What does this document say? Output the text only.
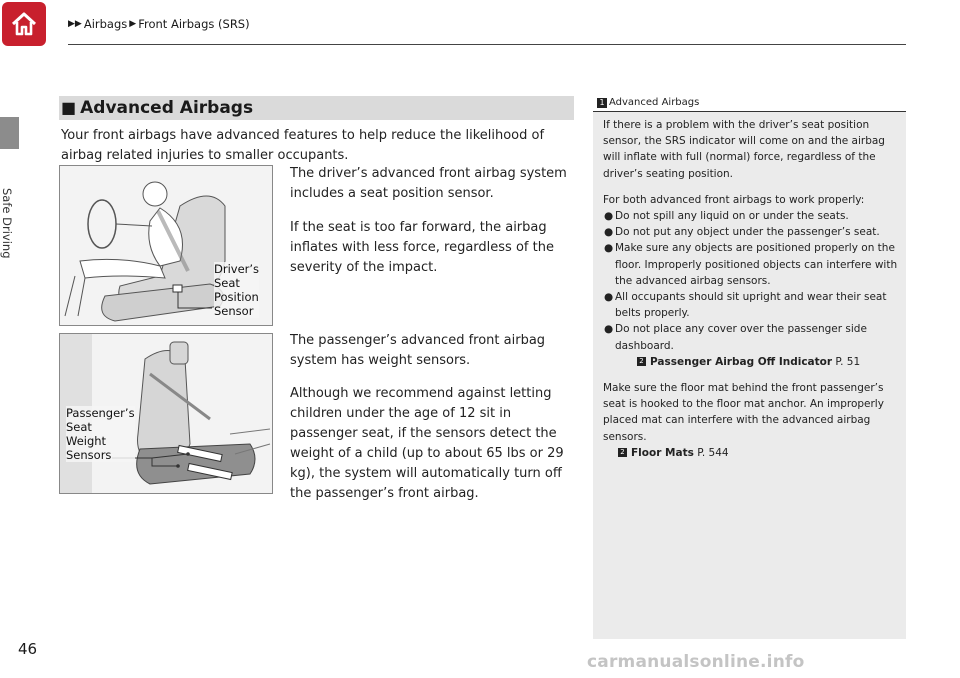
▶▶ Airbags ▶ Front Airbags (SRS)
Safe Driving
■ Advanced Airbags

Your front airbags have advanced features to help reduce the likelihood of airbag related injuries to smaller occupants.

Driver’s
Seat
Position
Sensor

The driver’s advanced front airbag system includes a seat position sensor.

If the seat is too far forward, the airbag inflates with less force, regardless of the severity of the impact.

Passenger’s
Seat
Weight
Sensors

The passenger’s advanced front airbag system has weight sensors.

Although we recommend against letting children under the age of 12 sit in passenger seat, if the sensors detect the weight of a child (up to about 65 lbs or 29 kg), the system will automatically turn off the passenger’s front airbag.

1 Advanced Airbags

If there is a problem with the driver’s seat position sensor, the SRS indicator will come on and the airbag will inflate with full (normal) force, regardless of the driver’s seating position.

For both advanced front airbags to work properly:
● Do not spill any liquid on or under the seats.
● Do not put any object under the passenger’s seat.
● Make sure any objects are positioned properly on the floor. Improperly positioned objects can interfere with the advanced airbag sensors.
● All occupants should sit upright and wear their seat belts properly.
● Do not place any cover over the passenger side dashboard.
2 Passenger Airbag Off Indicator P. 51

Make sure the floor mat behind the front passenger’s seat is hooked to the floor mat anchor. An improperly placed mat can interfere with the advanced airbag sensors.

2 Floor Mats P. 544
46
carmanualsonline.info
